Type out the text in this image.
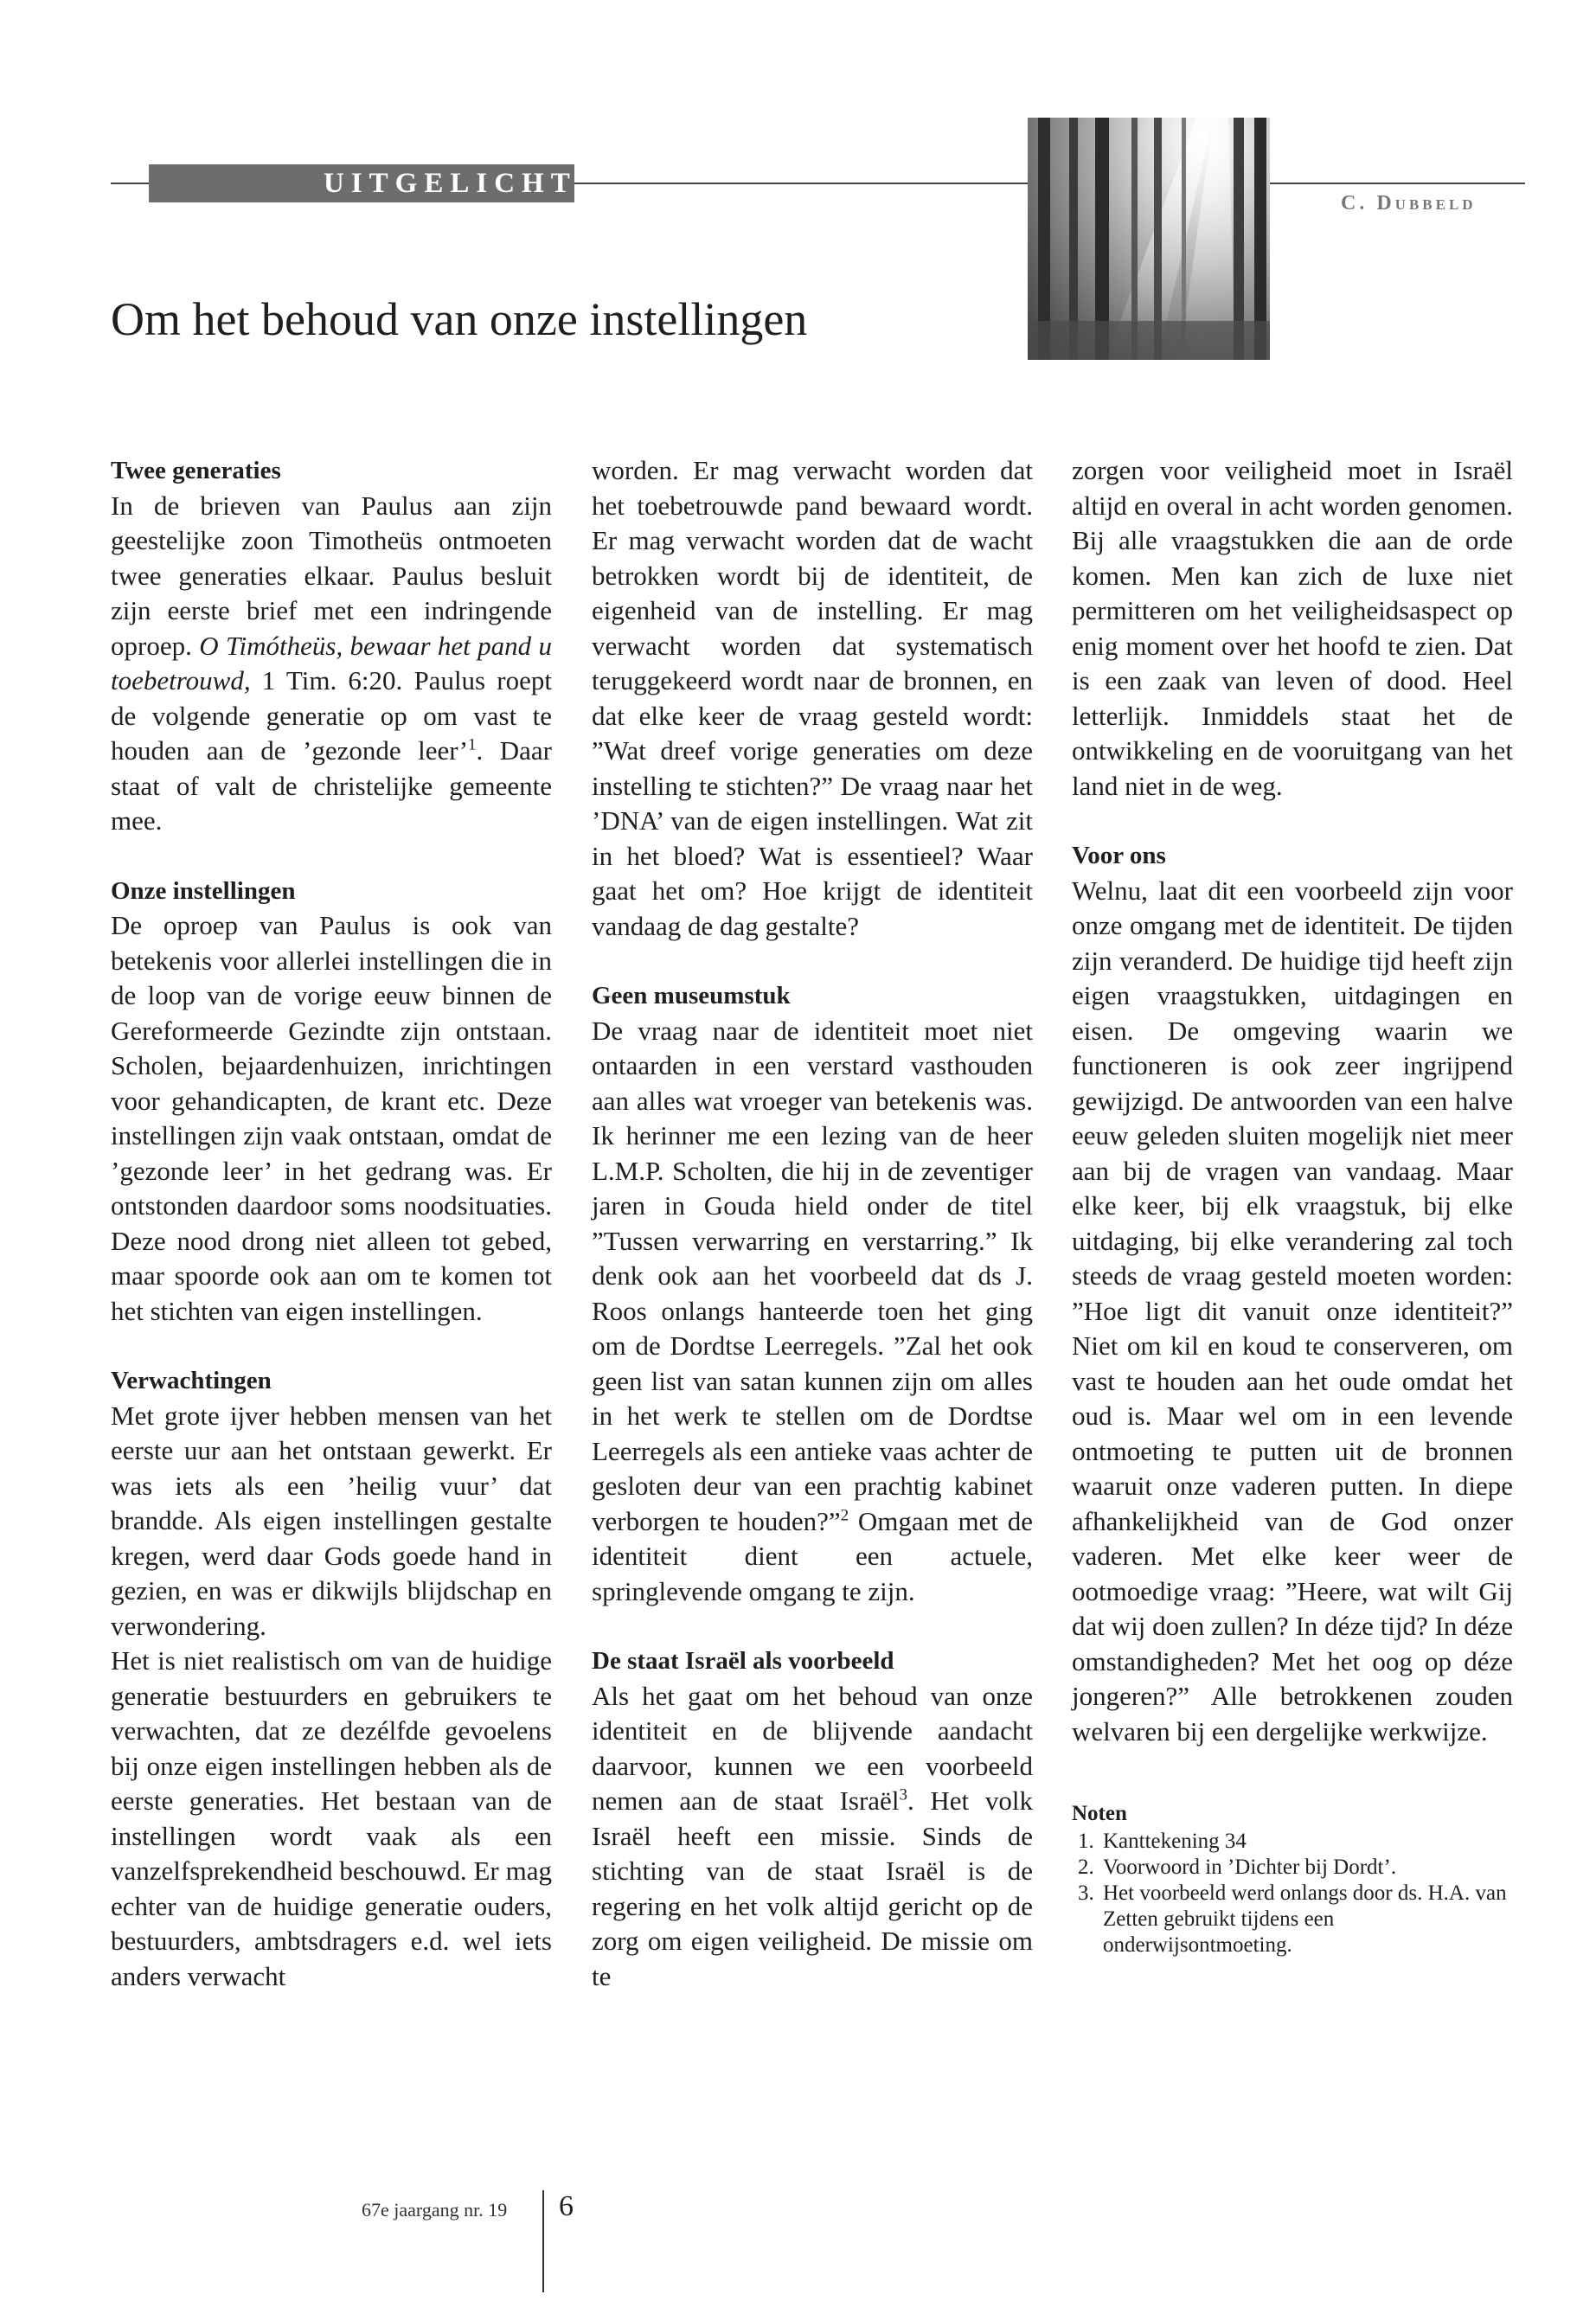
UITGELICHT
C. Dubbeld
Om het behoud van onze instellingen

Twee generaties

In de brieven van Paulus aan zijn geestelijke zoon Timotheüs ontmoeten twee generaties elkaar. Paulus besluit zijn eerste brief met een indringende oproep. O Timótheüs, bewaar het pand u toebetrouwd, 1 Tim. 6:20. Paulus roept de volgende generatie op om vast te houden aan de ’gezonde leer’$^1$. Daar staat of valt de christelijke gemeente mee.

Onze instellingen

De oproep van Paulus is ook van betekenis voor allerlei instellingen die in de loop van de vorige eeuw binnen de Gereformeerde Gezindte zijn ontstaan. Scholen, bejaardenhuizen, inrichtingen voor gehandicapten, de krant etc. Deze instellingen zijn vaak ontstaan, omdat de ’gezonde leer’ in het gedrang was. Er ontstonden daardoor soms noodsituaties. Deze nood drong niet alleen tot gebed, maar spoorde ook aan om te komen tot het stichten van eigen instellingen.

Verwachtingen

Met grote ijver hebben mensen van het eerste uur aan het ontstaan gewerkt. Er was iets als een ’heilig vuur’ dat brandde. Als eigen instellingen gestalte kregen, werd daar Gods goede hand in gezien, en was er dikwijls blijdschap en verwondering.

Het is niet realistisch om van de huidige generatie bestuurders en gebruikers te verwachten, dat ze dezélfde gevoelens bij onze eigen instellingen hebben als de eerste generaties. Het bestaan van de instellingen wordt vaak als een vanzelfsprekendheid beschouwd. Er mag echter van de huidige generatie ouders, bestuurders, ambtsdragers e.d. wel iets anders verwacht

worden. Er mag verwacht worden dat het toebetrouwde pand bewaard wordt. Er mag verwacht worden dat de wacht betrokken wordt bij de identiteit, de eigenheid van de instelling. Er mag verwacht worden dat systematisch teruggekeerd wordt naar de bronnen, en dat elke keer de vraag gesteld wordt: ”Wat dreef vorige generaties om deze instelling te stichten?” De vraag naar het ’DNA’ van de eigen instellingen. Wat zit in het bloed? Wat is essentieel? Waar gaat het om? Hoe krijgt de identiteit vandaag de dag gestalte?

Geen museumstuk

De vraag naar de identiteit moet niet ontaarden in een verstard vasthouden aan alles wat vroeger van betekenis was. Ik herinner me een lezing van de heer L.M.P. Scholten, die hij in de zeventiger jaren in Gouda hield onder de titel ”Tussen verwarring en verstarring.” Ik denk ook aan het voorbeeld dat ds J. Roos onlangs hanteerde toen het ging om de Dordtse Leerregels. ”Zal het ook geen list van satan kunnen zijn om alles in het werk te stellen om de Dordtse Leerregels als een antieke vaas achter de gesloten deur van een prachtig kabinet verborgen te houden?”$^2$ Omgaan met de identiteit dient een actuele, springlevende omgang te zijn.

De staat Israël als voorbeeld

Als het gaat om het behoud van onze identiteit en de blijvende aandacht daarvoor, kunnen we een voorbeeld nemen aan de staat Israël$^3$. Het volk Israël heeft een missie. Sinds de stichting van de staat Israël is de regering en het volk altijd gericht op de zorg om eigen veiligheid. De missie om te

zorgen voor veiligheid moet in Israël altijd en overal in acht worden genomen. Bij alle vraagstukken die aan de orde komen. Men kan zich de luxe niet permitteren om het veiligheidsaspect op enig moment over het hoofd te zien. Dat is een zaak van leven of dood. Heel letterlijk. Inmiddels staat het de ontwikkeling en de vooruitgang van het land niet in de weg.

Voor ons

Welnu, laat dit een voorbeeld zijn voor onze omgang met de identiteit. De tijden zijn veranderd. De huidige tijd heeft zijn eigen vraagstukken, uitdagingen en eisen. De omgeving waarin we functioneren is ook zeer ingrijpend gewijzigd. De antwoorden van een halve eeuw geleden sluiten mogelijk niet meer aan bij de vragen van vandaag. Maar elke keer, bij elk vraagstuk, bij elke uitdaging, bij elke verandering zal toch steeds de vraag gesteld moeten worden: ”Hoe ligt dit vanuit onze identiteit?” Niet om kil en koud te conserveren, om vast te houden aan het oude omdat het oud is. Maar wel om in een levende ontmoeting te putten uit de bronnen waaruit onze vaderen putten. In diepe afhankelijkheid van de God onzer vaderen. Met elke keer weer de ootmoedige vraag: ”Heere, wat wilt Gij dat wij doen zullen? In déze tijd? In déze omstandigheden? Met het oog op déze jongeren?” Alle betrokkenen zouden welvaren bij een dergelijke werkwijze.

Noten
1. Kanttekening 34
2. Voorwoord in ’Dichter bij Dordt’.
3. Het voorbeeld werd onlangs door ds. H.A. van Zetten gebruikt tijdens een onderwijsontmoeting.
67e jaargang nr. 19 6
